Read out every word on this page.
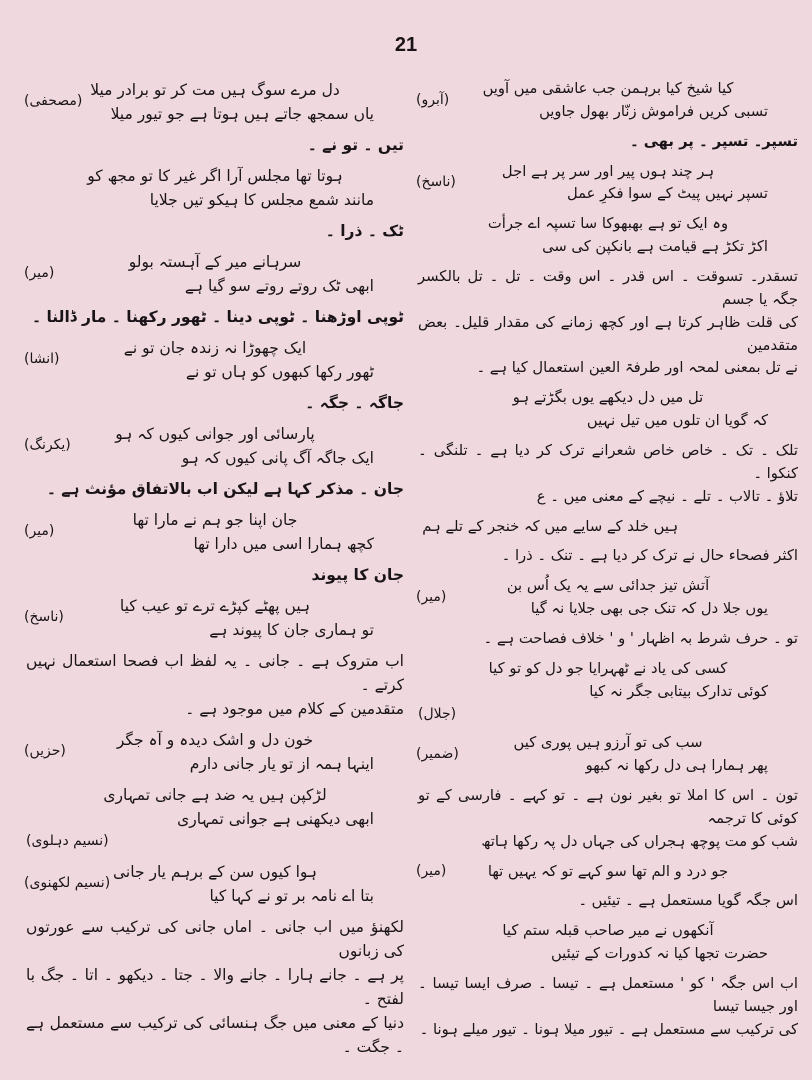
21

کیا شیخ کیا برہمن جب عاشقی میں آویں

تسبی کریں فراموش زنّار بھول جاویں

(آبرو)

تسپر۔ تسپر ۔ پر بھی ۔

ہر چند ہوں پیر اور سر پر ہے اجل

تسپر نہیں پیٹ کے سوا فکرِ عمل

(ناسخ)

وہ ایک تو ہے بھبھوکا سا تسپہ اے جرأت

اکڑ تکڑ ہے قیامت ہے بانکپن کی سی

تسقدر۔ تسوقت ۔ اس قدر ۔ اس وقت ۔ تل ۔ تل بالکسر جگہ یا جسم

کی قلت ظاہر کرتا ہے اور کچھ زمانے کی مقدار قلیل۔ بعض متقدمین

نے تل بمعنی لمحہ اور طرفۃ العین استعمال کیا ہے ۔

تل میں دل دیکھے یوں بگڑتے ہو

کہ گویا ان تلوں میں تیل نہیں

تلک ۔ تک ۔ خاص خاص شعرانے ترک کر دیا ہے ۔ تلنگی ۔ کنکوا ۔

تلاؤ ۔ تالاب ۔ تلے ۔ نیچے کے معنی میں ۔ ع

ہیں خلد کے سایے میں کہ خنجر کے تلے ہم

اکثر فصحاء حال نے ترک کر دیا ہے ۔ تنک ۔ ذرا ۔

آتش تیز جدائی سے یہ یک اُس بن

یوں جلا دل کہ تنک جی بھی جلایا نہ گیا

(میر)

تو ۔ حرف شرط بہ اظہار ' و ' خلاف فصاحت ہے ۔

کسی کی یاد نے ٹھہرایا جو دل کو تو کیا

کوئی تدارک بیتابی جگر نہ کیا

(جلال)

سب کی تو آرزو ہیں پوری کیں

پھر ہمارا ہی دل رکھا نہ کبھو

(ضمیر)

تون ۔ اس کا املا تو بغیر نون ہے ۔ تو کہے ۔ فارسی کے تو کوئی کا ترجمہ

شب کو مت پوچھ ہجراں کی جہاں دل پہ رکھا ہاتھ

جو درد و الم تھا سو کہے تو کہ یہیں تھا

(میر)

اس جگہ گویا مستعمل ہے ۔ تیئیں ۔

آنکھوں نے میر صاحب قبلہ ستم کیا

حضرت تجھا کیا نہ کدورات کے تیئیں

اب اس جگہ ' کو ' مستعمل ہے ۔ تیسا ۔ صرف ایسا تیسا ۔ اور جیسا تیسا

کی ترکیب سے مستعمل ہے ۔ تیور میلا ہونا ۔ تیور میلے ہونا ۔

دل مرے سوگ ہیں مت کر تو برادر میلا

یاں سمجھ جاتے ہیں ہوتا ہے جو تیور میلا

(مصحفی)

تیں ۔ تو نے ۔

ہوتا تھا مجلس آرا اگر غیر کا تو مجھ کو

مانند شمع مجلس کا ہیکو تیں جلایا

ٹک ۔ ذرا ۔

سرہانے میر کے آہستہ بولو

ابھی ٹک روتے روتے سو گیا ہے

(میر)

ٹوپی اوڑھنا ۔ ٹوپی دینا ۔ ٹھور رکھنا ۔ مار ڈالنا ۔

ایک چھوڑا نہ زندہ جان تو نے

ٹھور رکھا کبھوں کو ہاں تو نے

(انشا)

جاگہ ۔ جگہ ۔

پارسائی اور جوانی کیوں کہ ہو

ایک جاگہ آگ پانی کیوں کہ ہو

(یکرنگ)

جان ۔ مذکر کہا ہے لیکن اب بالاتفاق مؤنث ہے ۔

جان اپنا جو ہم نے مارا تھا

کچھ ہمارا اسی میں دارا تھا

(میر)

جان کا پیوند

ہیں پھٹے کپڑے ترے تو عیب کیا

تو ہماری جان کا پیوند ہے

(ناسخ)

اب متروک ہے ۔ جانی ۔ یہ لفظ اب فصحا استعمال نہیں کرتے ۔

متقدمین کے کلام میں موجود ہے ۔

خون دل و اشک دیدہ و آہ جگر

اینہا ہمہ از تو یار جانی دارم

(حزیں)

لڑکپن ہیں یہ ضد ہے جانی تمہاری

ابھی دیکھنی ہے جوانی تمہاری

(نسیم دہلوی)

ہوا کیوں سن کے برہم یار جانی

بتا اے نامہ بر تو نے کہا کیا

(نسیم لکھنوی)

لکھنؤ میں اب جانی ۔ اماں جانی کی ترکیب سے عورتوں کی زبانوں

پر ہے ۔ جانے ہارا ۔ جانے والا ۔ جتا ۔ دیکھو ۔ اتا ۔ جگ با لفتح ۔

دنیا کے معنی میں جگ ہنسائی کی ترکیب سے مستعمل ہے ۔ جگت ۔
